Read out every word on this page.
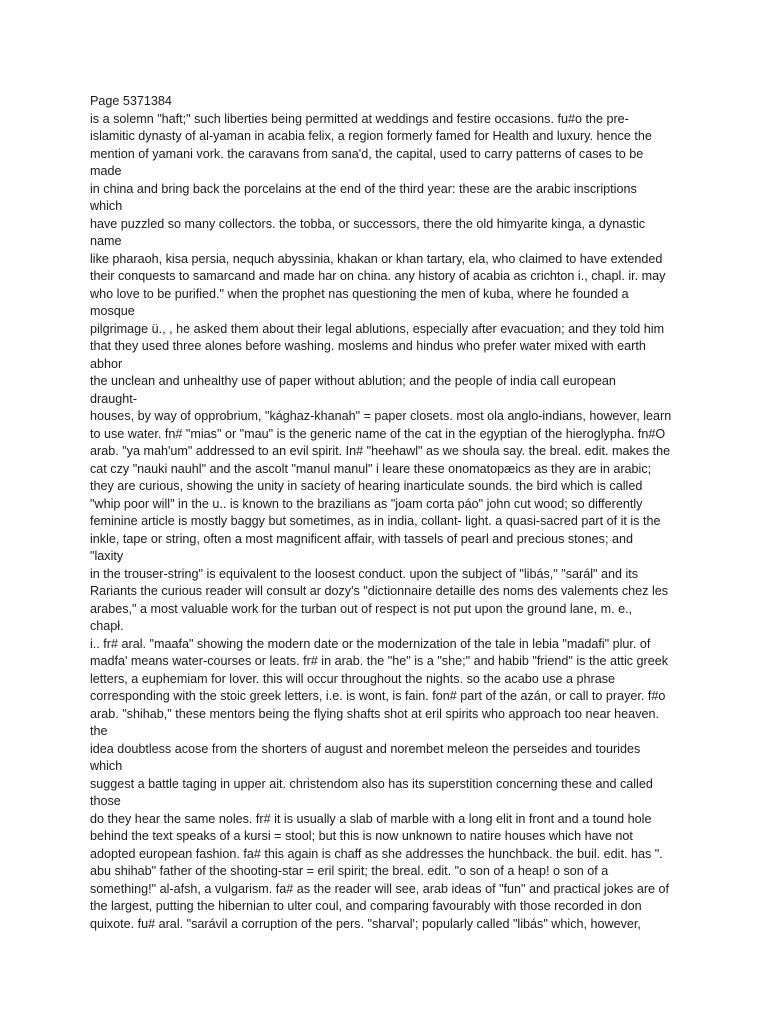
Page 5371384
is a solemn "haft;" such liberties being permitted at weddings and festire occasions. fu#o the pre-
islamitic dynasty of al-yaman in acabia felix, a region formerly famed for Health and luxury. hence the
mention of yamani vork. the caravans from sana'd, the capital, used to carry patterns of cases to be
made
in china and bring back the porcelains at the end of the third year: these are the arabic inscriptions
which
have puzzled so many collectors. the tobba, or successors, there the old himyarite kinga, a dynastic
name
like pharaoh, kisa persia, nequch abyssinia, khakan or khan tartary, ela, who claimed to have extended
their conquests to samarcand and made har on china. any history of acabia as crichton i., chapl. ir. may
who love to be purified." when the prophet nas questioning the men of kuba, where he founded a
mosque
pilgrimage ü., , he asked them about their legal ablutions, especially after evacuation; and they told him
that they used three alones before washing. moslems and hindus who prefer water mixed with earth
abhor
the unclean and unhealthy use of paper without ablution; and the people of india call european
draught-
houses, by way of opprobrium, "kághaz-khanah" = paper closets. most ola anglo-indians, however, learn
to use water. fn# "mias" or "mau" is the generic name of the cat in the egyptian of the hieroglypha. fn#O
arab. "ya mah'um" addressed to an evil spirit. In# "heehawl" as we shoula say. the breal. edit. makes the
cat czy "nauki nauhl" and the ascolt "manul manul" i leare these onomatopæics as they are in arabic;
they are curious, showing the unity in sacíety of hearing inarticulate sounds. the bird which is called
"whip poor will" in the u.. is known to the brazilians as "joam corta páo" john cut wood; so differently
feminine article is mostly baggy but sometimes, as in india, collant- light. a quasi-sacred part of it is the
inkle, tape or string, often a most magnificent affair, with tassels of pearl and precious stones; and
"laxity
in the trouser-string" is equivalent to the loosest conduct. upon the subject of "libás," "sarál" and its
Rariants the curious reader will consult ar dozy's "dictionnaire detaille des noms des valements chez les
arabes," a most valuable work for the turban out of respect is not put upon the ground lane, m. e.,
chapł.
i.. fr# aral. "maafa" showing the modern date or the modernization of the tale in lebia "madafi" plur. of
madfa' means water-courses or leats. fr# in arab. the "he" is a "she;" and habib "friend" is the attic greek
letters, a euphemiam for lover. this will occur throughout the nights. so the acabo use a phrase
corresponding with the stoic greek letters, i.e. is wont, is fain. fon# part of the azán, or call to prayer. f#o
arab. "shihab," these mentors being the flying shafts shot at eril spirits who approach too near heaven.
the
idea doubtless acose from the shorters of august and norembet meleon the perseides and tourides
which
suggest a battle taging in upper ait. christendom also has its superstition concerning these and called
those
do they hear the same noles. fr# it is usually a slab of marble with a long elit in front and a tound hole
behind the text speaks of a kursi = stool; but this is now unknown to natire houses which have not
adopted european fashion. fa# this again is chaff as she addresses the hunchback. the buil. edit. has ".
abu shihab" father of the shooting-star = eril spirit; the breal. edit. "o son of a heap! o son of a
something!" al-afsh, a vulgarism. fa# as the reader will see, arab ideas of "fun" and practical jokes are of
the largest, putting the hibernian to ulter coul, and comparing favourably with those recorded in don
quixote. fu# aral. "sarávil a corruption of the pers. "sharval'; popularly called "libás" which, however,
